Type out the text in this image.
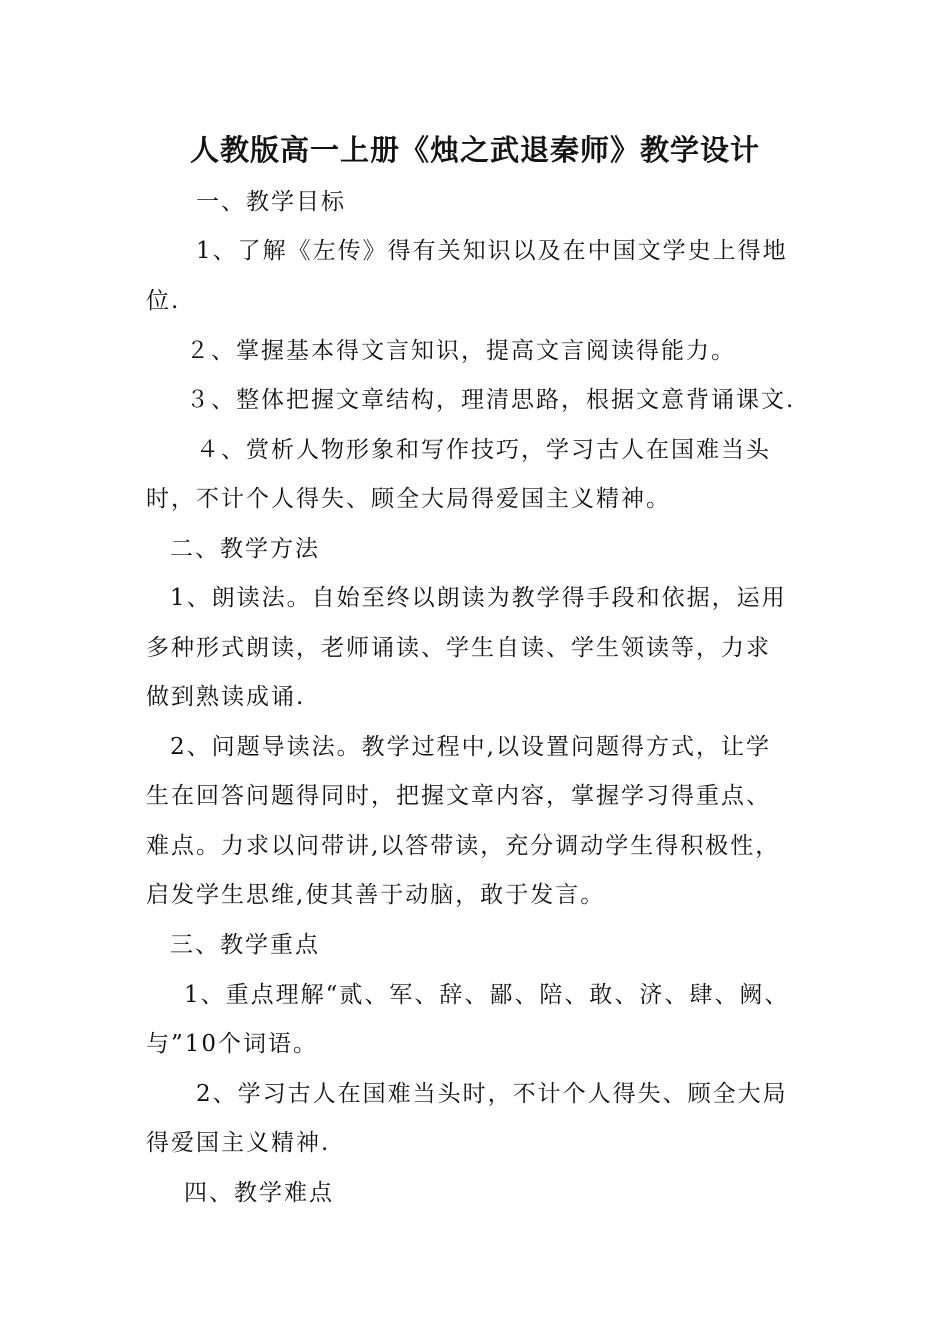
人教版高一上册《烛之武退秦师》教学设计
一、教学目标
1、了解《左传》得有关知识以及在中国文学史上得地
位.
２、掌握基本得文言知识，提高文言阅读得能力。
３、整体把握文章结构，理清思路，根据文意背诵课文.
４、赏析人物形象和写作技巧，学习古人在国难当头
时，不计个人得失、顾全大局得爱国主义精神。
二、教学方法
1、朗读法。自始至终以朗读为教学得手段和依据，运用
多种形式朗读，老师诵读、学生自读、学生领读等，力求
做到熟读成诵.
2、问题导读法。教学过程中,以设置问题得方式，让学
生在回答问题得同时，把握文章内容，掌握学习得重点、
难点。力求以问带讲,以答带读，充分调动学生得积极性，
启发学生思维,使其善于动脑，敢于发言。
三、教学重点
1、重点理解“贰、军、辞、鄙、陪、敢、济、肆、阙、
与”10个词语。
2、学习古人在国难当头时，不计个人得失、顾全大局
得爱国主义精神.
四、教学难点
